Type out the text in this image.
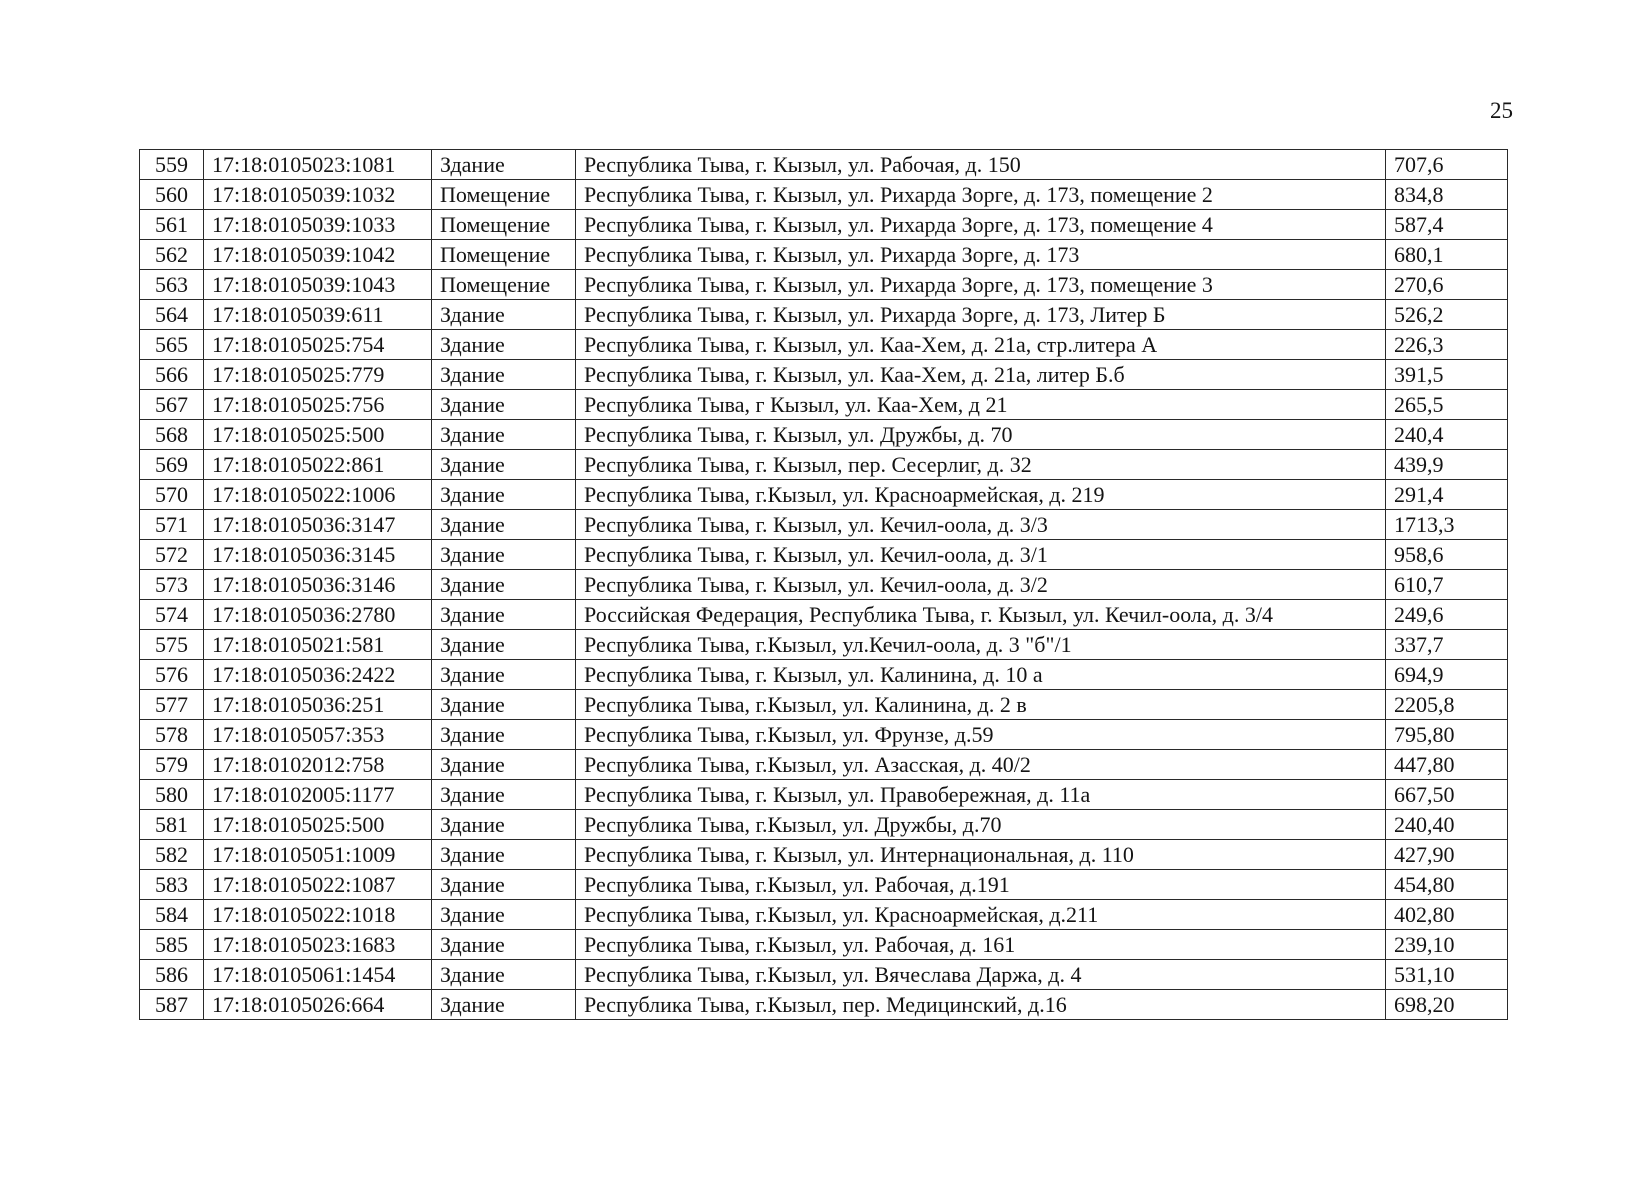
25
559	17:18:0105023:1081	Здание	Республика Тыва, г. Кызыл, ул. Рабочая, д. 150	707,6
560	17:18:0105039:1032	Помещение	Республика Тыва, г. Кызыл, ул. Рихарда Зорге, д. 173, помещение 2	834,8
561	17:18:0105039:1033	Помещение	Республика Тыва, г. Кызыл, ул. Рихарда Зорге, д. 173, помещение 4	587,4
562	17:18:0105039:1042	Помещение	Республика Тыва, г. Кызыл, ул. Рихарда Зорге, д. 173	680,1
563	17:18:0105039:1043	Помещение	Республика Тыва, г. Кызыл, ул. Рихарда Зорге, д. 173, помещение 3	270,6
564	17:18:0105039:611	Здание	Республика Тыва, г. Кызыл, ул. Рихарда Зорге, д. 173, Литер Б	526,2
565	17:18:0105025:754	Здание	Республика Тыва, г. Кызыл, ул. Каа-Хем, д. 21а, стр.литера А	226,3
566	17:18:0105025:779	Здание	Республика Тыва, г. Кызыл, ул. Каа-Хем, д. 21а, литер Б.б	391,5
567	17:18:0105025:756	Здание	Республика Тыва, г Кызыл, ул. Каа-Хем, д 21	265,5
568	17:18:0105025:500	Здание	Республика Тыва, г. Кызыл, ул. Дружбы, д. 70	240,4
569	17:18:0105022:861	Здание	Республика Тыва, г. Кызыл, пер. Сесерлиг, д. 32	439,9
570	17:18:0105022:1006	Здание	Республика Тыва, г.Кызыл, ул. Красноармейская, д. 219	291,4
571	17:18:0105036:3147	Здание	Республика Тыва, г. Кызыл, ул. Кечил-оола, д. 3/3	1713,3
572	17:18:0105036:3145	Здание	Республика Тыва, г. Кызыл, ул. Кечил-оола, д. 3/1	958,6
573	17:18:0105036:3146	Здание	Республика Тыва, г. Кызыл, ул. Кечил-оола, д. 3/2	610,7
574	17:18:0105036:2780	Здание	Российская Федерация, Республика Тыва, г. Кызыл, ул. Кечил-оола, д. 3/4	249,6
575	17:18:0105021:581	Здание	Республика Тыва, г.Кызыл, ул.Кечил-оола, д. 3 "б"/1	337,7
576	17:18:0105036:2422	Здание	Республика Тыва, г. Кызыл, ул. Калинина, д. 10 а	694,9
577	17:18:0105036:251	Здание	Республика Тыва, г.Кызыл, ул. Калинина, д. 2 в	2205,8
578	17:18:0105057:353	Здание	Республика Тыва, г.Кызыл, ул. Фрунзе, д.59	795,80
579	17:18:0102012:758	Здание	Республика Тыва, г.Кызыл, ул. Азасская, д. 40/2	447,80
580	17:18:0102005:1177	Здание	Республика Тыва, г. Кызыл, ул. Правобережная, д. 11а	667,50
581	17:18:0105025:500	Здание	Республика Тыва, г.Кызыл, ул. Дружбы, д.70	240,40
582	17:18:0105051:1009	Здание	Республика Тыва, г. Кызыл, ул. Интернациональная, д. 110	427,90
583	17:18:0105022:1087	Здание	Республика Тыва, г.Кызыл, ул. Рабочая, д.191	454,80
584	17:18:0105022:1018	Здание	Республика Тыва, г.Кызыл, ул. Красноармейская, д.211	402,80
585	17:18:0105023:1683	Здание	Республика Тыва, г.Кызыл, ул. Рабочая, д. 161	239,10
586	17:18:0105061:1454	Здание	Республика Тыва, г.Кызыл, ул. Вячеслава Даржа, д. 4	531,10
587	17:18:0105026:664	Здание	Республика Тыва, г.Кызыл, пер. Медицинский, д.16	698,20
